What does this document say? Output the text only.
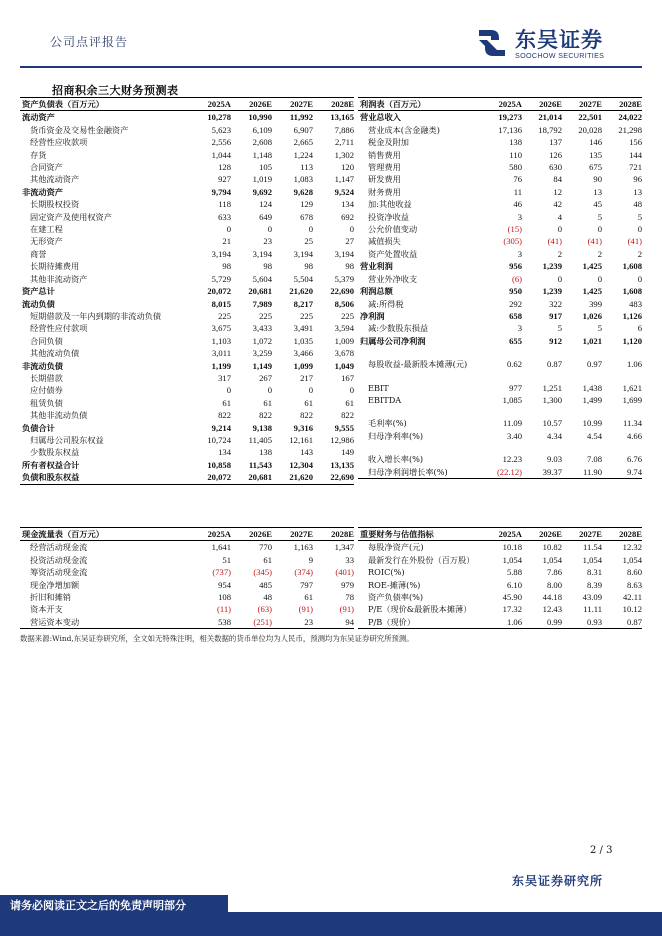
公司点评报告	东吴证券
SOOCHOW SECURITIES
招商积余三大财务预测表
资产负债表（百万元）	2025A	2026E	2027E	2028E
流动资产	10,278	10,990	11,992	13,165
货币资金及交易性金融资产	5,623	6,109	6,907	7,886
经营性应收款项	2,556	2,608	2,665	2,711
存货	1,044	1,148	1,224	1,302
合同资产	128	105	113	120
其他流动资产	927	1,019	1,083	1,147
非流动资产	9,794	9,692	9,628	9,524
长期股权投资	118	124	129	134
固定资产及使用权资产	633	649	678	692
在建工程	0	0	0	0
无形资产	21	23	25	27
商誉	3,194	3,194	3,194	3,194
长期待摊费用	98	98	98	98
其他非流动资产	5,729	5,604	5,504	5,379
资产总计	20,072	20,681	21,620	22,690
流动负债	8,015	7,989	8,217	8,506
短期借款及一年内到期的非流动负债	225	225	225	225
经营性应付款项	3,675	3,433	3,491	3,594
合同负债	1,103	1,072	1,035	1,009
其他流动负债	3,011	3,259	3,466	3,678
非流动负债	1,199	1,149	1,099	1,049
长期借款	317	267	217	167
应付债券	0	0	0	0
租赁负债	61	61	61	61
其他非流动负债	822	822	822	822
负债合计	9,214	9,138	9,316	9,555
归属母公司股东权益	10,724	11,405	12,161	12,986
少数股东权益	134	138	143	149
所有者权益合计	10,858	11,543	12,304	13,135
负债和股东权益	20,072	20,681	21,620	22,690
利润表（百万元）	2025A	2026E	2027E	2028E
营业总收入	19,273	21,014	22,501	24,022
营业成本(含金融类)	17,136	18,792	20,028	21,298
税金及附加	138	137	146	156
销售费用	110	126	135	144
管理费用	580	630	675	721
研发费用	76	84	90	96
财务费用	11	12	13	13
加:其他收益	46	42	45	48
投资净收益	3	4	5	5
公允价值变动	(15)	0	0	0
减值损失	(305)	(41)	(41)	(41)
资产处置收益	3	2	2	2
营业利润	956	1,239	1,425	1,608
营业外净收支	(6)	0	0	0
利润总额	950	1,239	1,425	1,608
减:所得税	292	322	399	483
净利润	658	917	1,026	1,126
减:少数股东损益	3	5	5	6
归属母公司净利润	655	912	1,021	1,120

每股收益-最新股本摊薄(元)	0.62	0.87	0.97	1.06

EBIT	977	1,251	1,438	1,621
EBITDA	1,085	1,300	1,499	1,699

毛利率(%)	11.09	10.57	10.99	11.34
归母净利率(%)	3.40	4.34	4.54	4.66

收入增长率(%)	12.23	9.03	7.08	6.76
归母净利润增长率(%)	(22.12)	39.37	11.90	9.74
现金流量表（百万元）	2025A	2026E	2027E	2028E
经营活动现金流	1,641	770	1,163	1,347
投资活动现金流	51	61	9	33
筹资活动现金流	(737)	(345)	(374)	(401)
现金净增加额	954	485	797	979
折旧和摊销	108	48	61	78
资本开支	(11)	(63)	(91)	(91)
营运资本变动	538	(251)	23	94
重要财务与估值指标	2025A	2026E	2027E	2028E
每股净资产(元)	10.18	10.82	11.54	12.32
最新发行在外股份（百万股）	1,054	1,054	1,054	1,054
ROIC(%)	5.88	7.86	8.31	8.60
ROE-摊薄(%)	6.10	8.00	8.39	8.63
资产负债率(%)	45.90	44.18	43.09	42.11
P/E（现价&最新股本摊薄）	17.32	12.43	11.11	10.12
P/B（现价）	1.06	0.99	0.93	0.87
数据来源:Wind,东吴证券研究所，全文如无特殊注明，相关数据的货币单位均为人民币，预测均为东吴证券研究所预测。
2 / 3
东吴证券研究所
请务必阅读正文之后的免责声明部分
